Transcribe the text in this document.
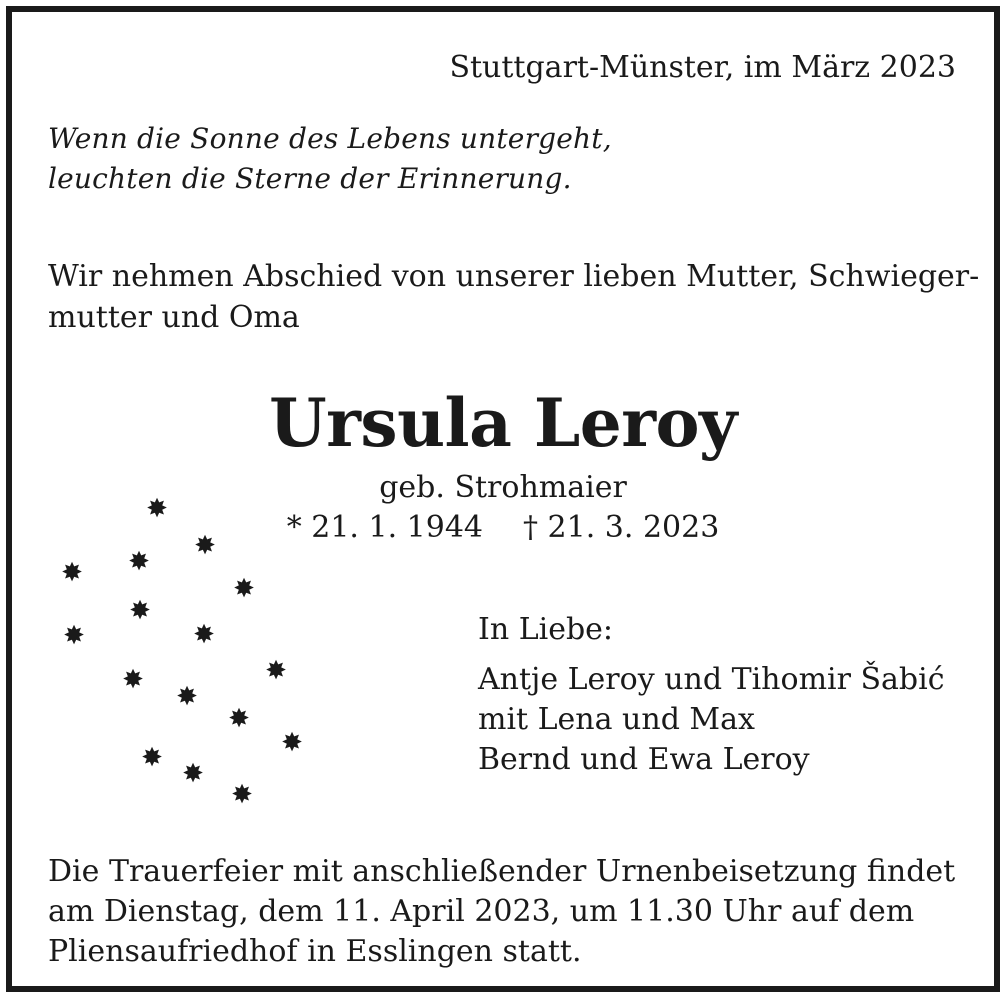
Stuttgart-Münster, im März 2023
Wenn die Sonne des Lebens untergeht,
leuchten die Sterne der Erinnerung.
Wir nehmen Abschied von unserer lieben Mutter, Schwieger-
mutter und Oma
Ursula Leroy
geb. Strohmaier
* 21. 1. 1944 † 21. 3. 2023
In Liebe:
Antje Leroy und Tihomir Šabić
mit Lena und Max
Bernd und Ewa Leroy
Die Trauerfeier mit anschließender Urnenbeisetzung findet
am Dienstag, dem 11. April 2023, um 11.30 Uhr auf dem
Pliensaufriedhof in Esslingen statt.
✸
✸
✸
✸
✸
✸
✸	✸
✸
✸
✸
✸
✸
✸
✸
✸
